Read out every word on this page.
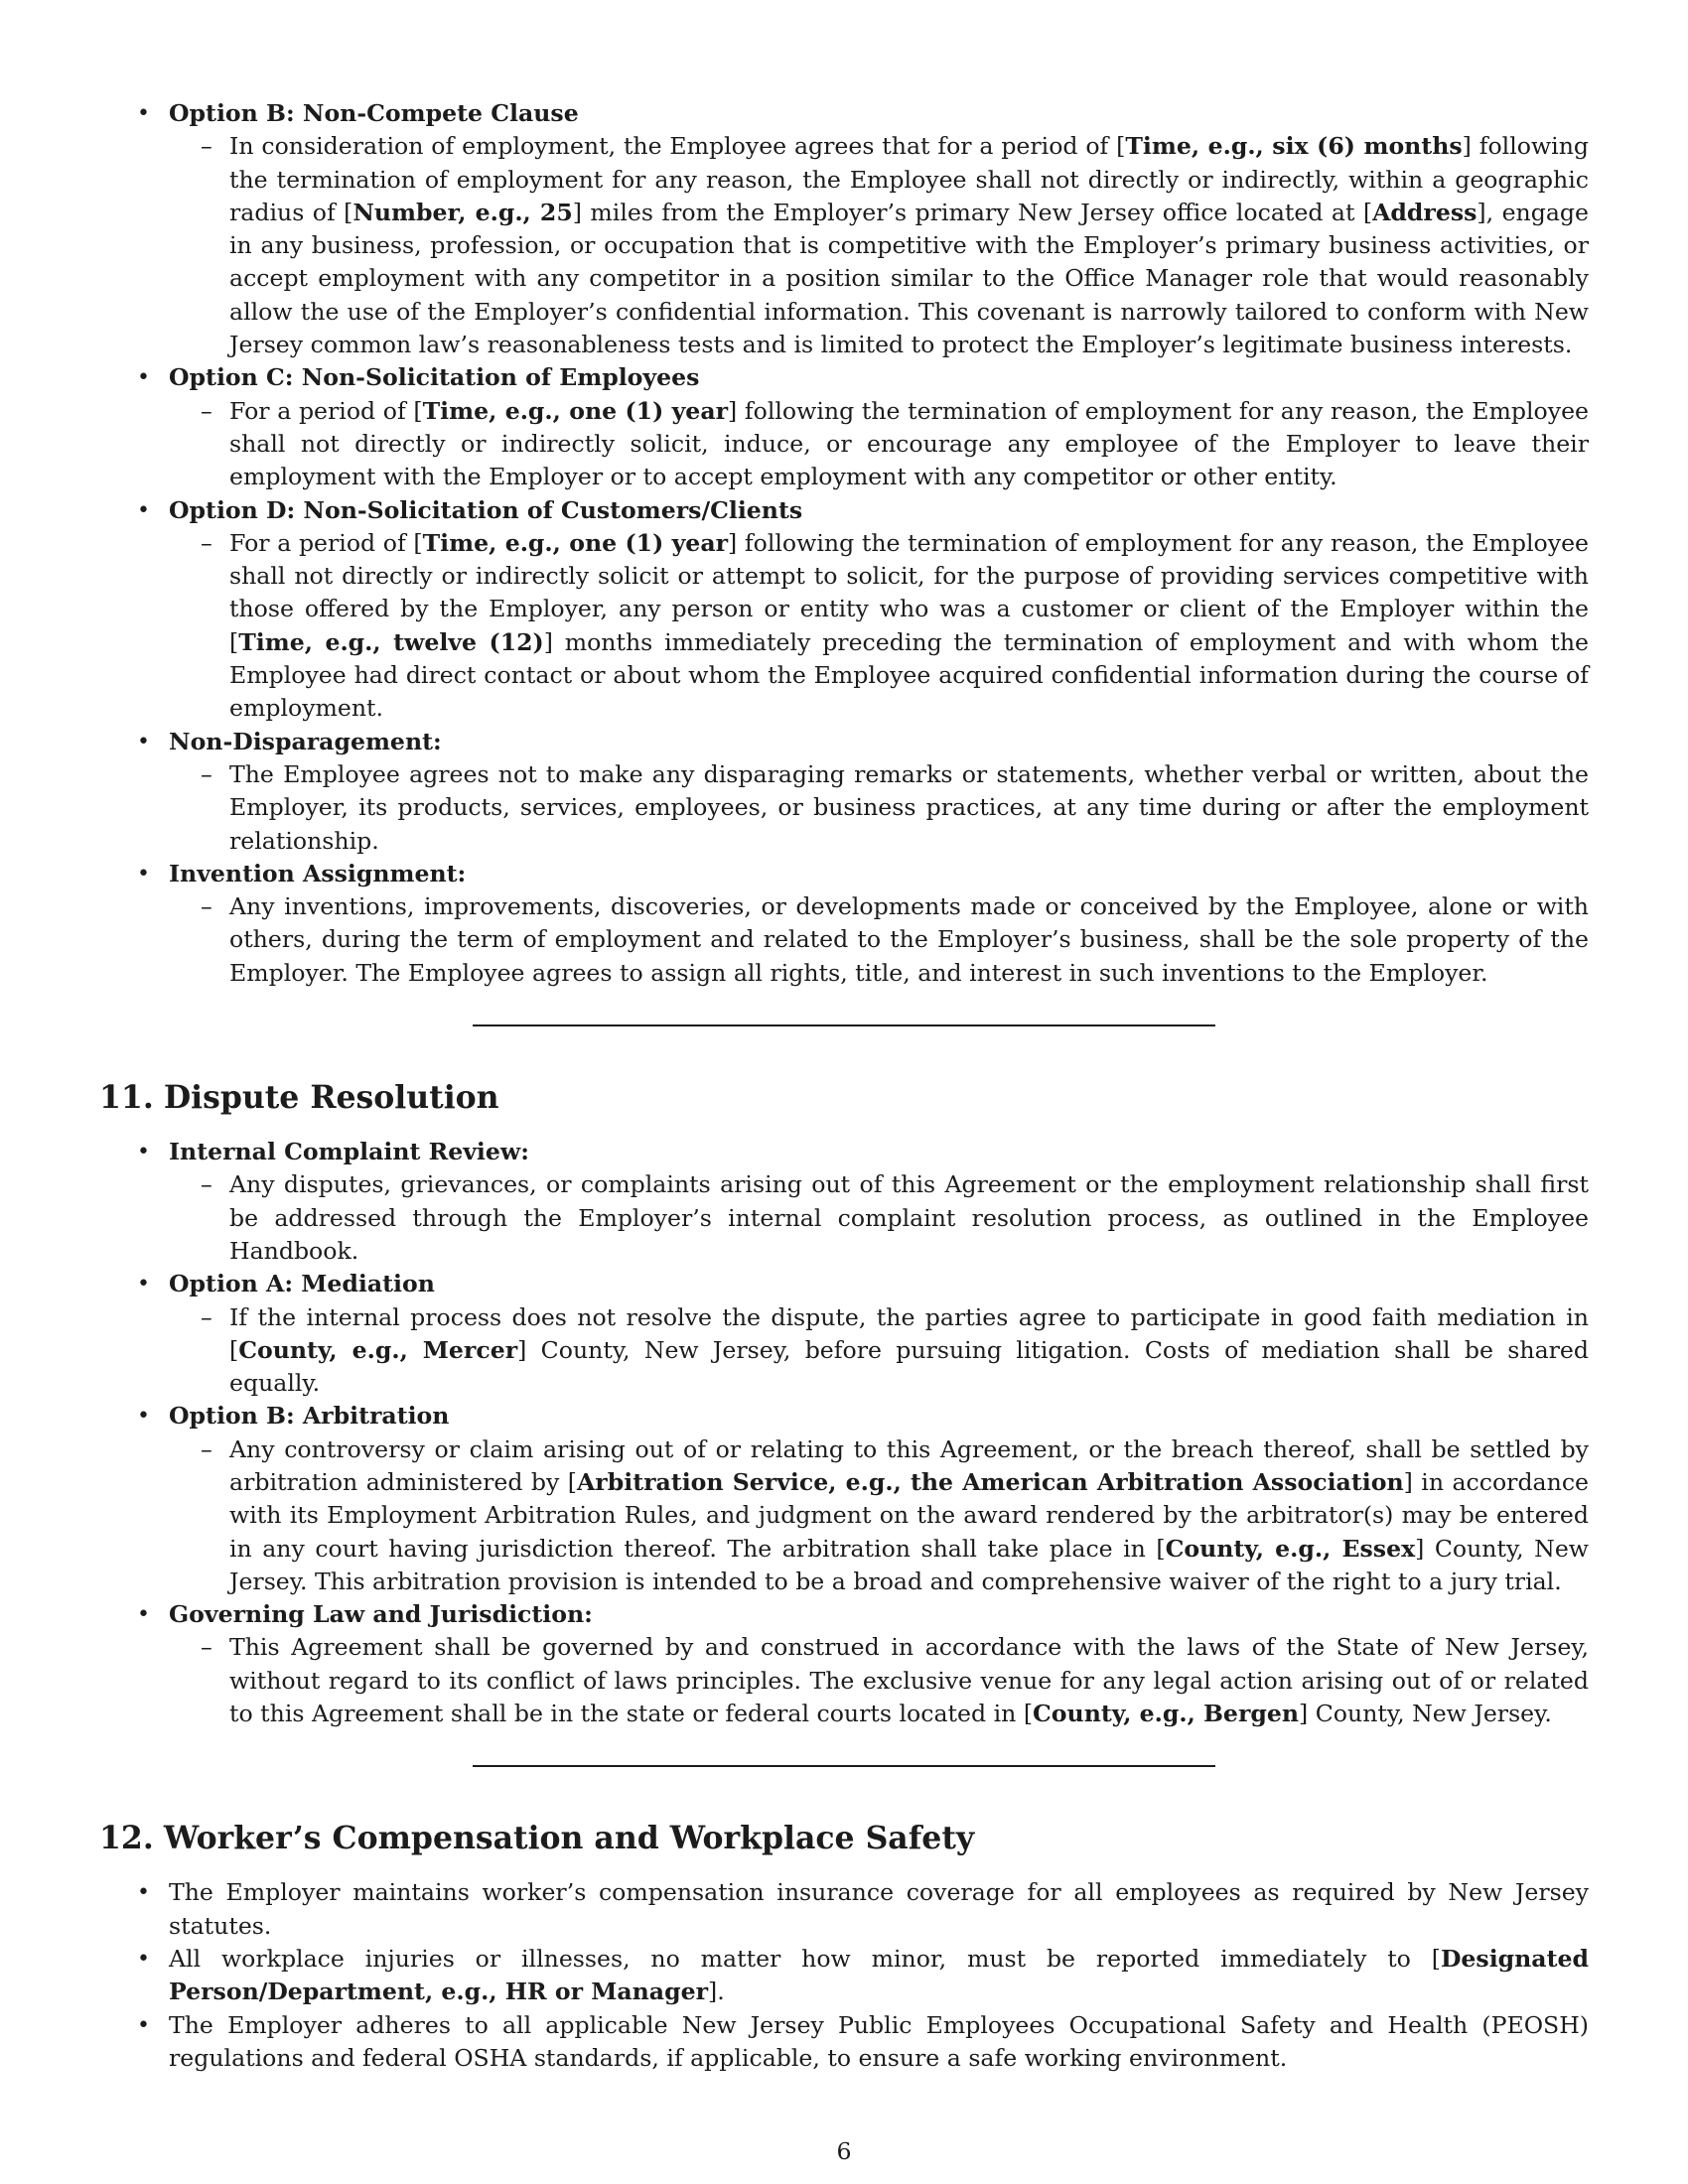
• Option B: Non-Compete Clause
– In consideration of employment, the Employee agrees that for a period of [Time, e.g., six (6) months] following the termination of employment for any reason, the Employee shall not directly or indirectly, within a geographic radius of [Number, e.g., 25] miles from the Employer’s primary New Jersey office located at [Address], engage in any business, profession, or occupation that is competitive with the Employer’s primary business activities, or accept employment with any competitor in a position similar to the Office Manager role that would reasonably allow the use of the Employer’s confidential information. This covenant is narrowly tailored to conform with New Jersey common law’s reasonableness tests and is limited to protect the Employer’s legitimate business interests.
• Option C: Non-Solicitation of Employees
– For a period of [Time, e.g., one (1) year] following the termination of employment for any reason, the Employee shall not directly or indirectly solicit, induce, or encourage any employee of the Employer to leave their employment with the Employer or to accept employment with any competitor or other entity.
• Option D: Non-Solicitation of Customers/Clients
– For a period of [Time, e.g., one (1) year] following the termination of employment for any reason, the Employee shall not directly or indirectly solicit or attempt to solicit, for the purpose of providing services competitive with those offered by the Employer, any person or entity who was a customer or client of the Employer within the [Time, e.g., twelve (12)] months immediately preceding the termination of employment and with whom the Employee had direct contact or about whom the Employee acquired confidential information during the course of employment.
• Non-Disparagement:
– The Employee agrees not to make any disparaging remarks or statements, whether verbal or written, about the Employer, its products, services, employees, or business practices, at any time during or after the employment relationship.
• Invention Assignment:
– Any inventions, improvements, discoveries, or developments made or conceived by the Employee, alone or with others, during the term of employment and related to the Employer’s business, shall be the sole property of the Employer. The Employee agrees to assign all rights, title, and interest in such inventions to the Employer.
11. Dispute Resolution
• Internal Complaint Review:
– Any disputes, grievances, or complaints arising out of this Agreement or the employment relationship shall first be addressed through the Employer’s internal complaint resolution process, as outlined in the Employee Handbook.
• Option A: Mediation
– If the internal process does not resolve the dispute, the parties agree to participate in good faith mediation in [County, e.g., Mercer] County, New Jersey, before pursuing litigation. Costs of mediation shall be shared equally.
• Option B: Arbitration
– Any controversy or claim arising out of or relating to this Agreement, or the breach thereof, shall be settled by arbitration administered by [Arbitration Service, e.g., the American Arbitration Association] in accordance with its Employment Arbitration Rules, and judgment on the award rendered by the arbitrator(s) may be entered in any court having jurisdiction thereof. The arbitration shall take place in [County, e.g., Essex] County, New Jersey. This arbitration provision is intended to be a broad and comprehensive waiver of the right to a jury trial.
• Governing Law and Jurisdiction:
– This Agreement shall be governed by and construed in accordance with the laws of the State of New Jersey, without regard to its conflict of laws principles. The exclusive venue for any legal action arising out of or related to this Agreement shall be in the state or federal courts located in [County, e.g., Bergen] County, New Jersey.
12. Worker’s Compensation and Workplace Safety
• The Employer maintains worker’s compensation insurance coverage for all employees as required by New Jersey statutes.
• All workplace injuries or illnesses, no matter how minor, must be reported immediately to [Designated Person/Department, e.g., HR or Manager].
• The Employer adheres to all applicable New Jersey Public Employees Occupational Safety and Health (PEOSH) regulations and federal OSHA standards, if applicable, to ensure a safe working environment.
6
